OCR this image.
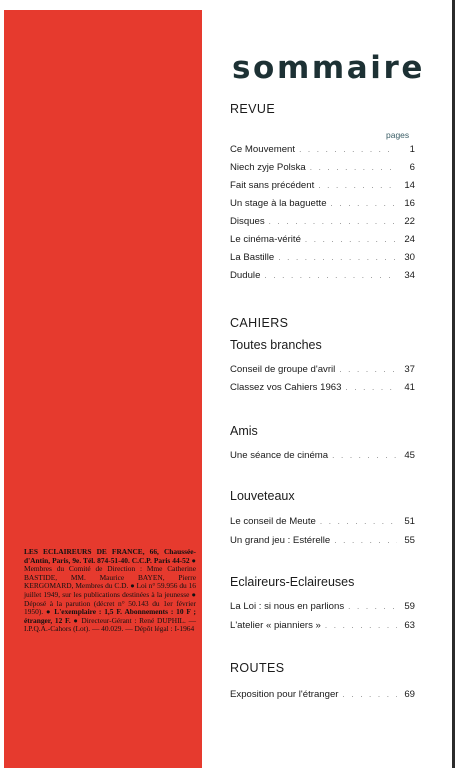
LES ECLAIREURS DE FRANCE, 66, Chaussée-d'Antin, Paris, 9e. Tél. 874-51-40. C.C.P. Paris 44-52 ● Membres du Comité de Direction : Mme Catherine BASTIDE, MM. Maurice BAYEN, Pierre KERGOMARD, Membres du C.D. ● Loi n° 59.956 du 16 juillet 1949, sur les publications destinées à la jeunesse ● Déposé à la parution (décret n° 50.143 du 1er février 1950). ● L'exemplaire : 1,5 F. Abonnements : 10 F ; étranger, 12 F. ● Directeur-Gérant : René DUPHIL. — I.P.Q.A.-Cahors (Lot). — 40.029. — Dépôt légal : I-1964
sommaire
REVUE
pages
Ce Mouvement . . .	1
Niech zyje Polska . . .	6
Fait sans précédent . . .	14
Un stage à la baguette . . .	16
Disques . . .	22
Le cinéma-vérité . . .	24
La Bastille . . .	30
Dudule . . .	34
CAHIERS
Toutes branches
Conseil de groupe d'avril . . .	37
Classez vos Cahiers 1963 . . .	41
Amis
Une séance de cinéma . . .	45
Louveteaux
Le conseil de Meute . . .	51
Un grand jeu : Estérelle . . .	55
Eclaireurs-Eclaireuses
La Loi : si nous en parlions . . .	59
L'atelier « pianniers » . . .	63
ROUTES
Exposition pour l'étranger . . .	69
